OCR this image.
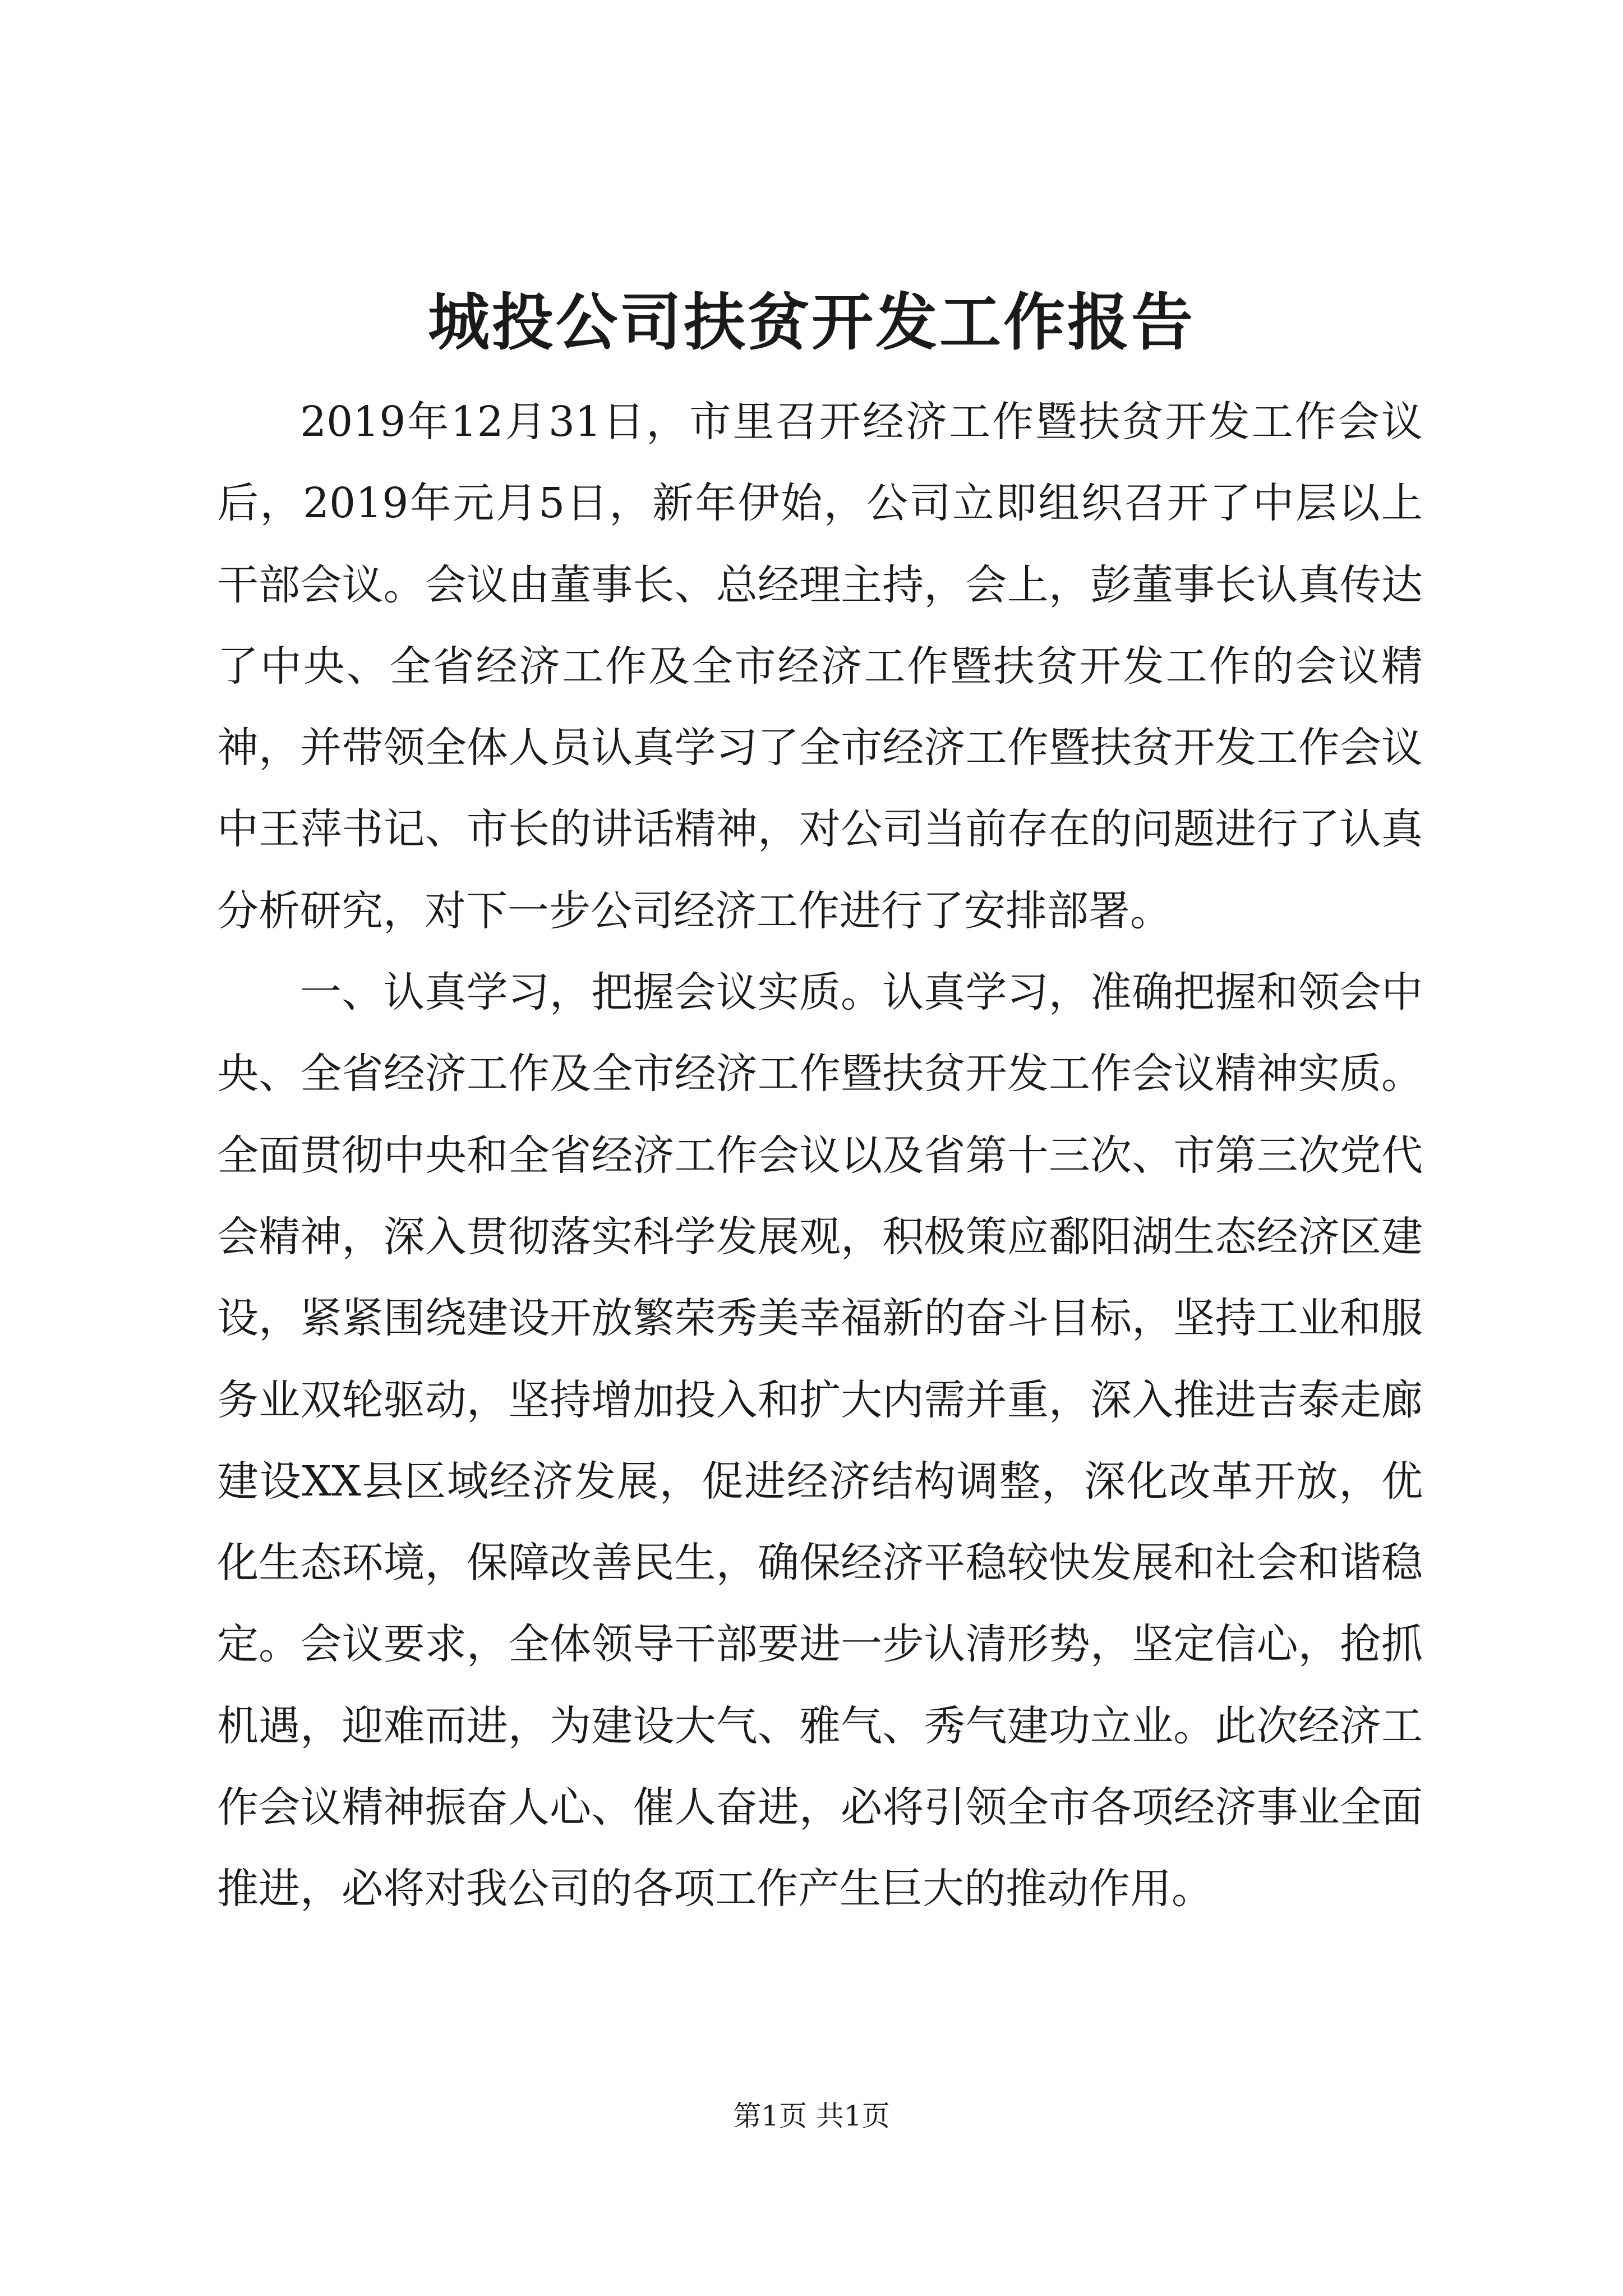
城投公司扶贫开发工作报告

2019年12月31日，市里召开经济工作暨扶贫开发工作会议后，2019年元月5日，新年伊始，公司立即组织召开了中层以上干部会议。会议由董事长、总经理主持，会上，彭董事长认真传达了中央、全省经济工作及全市经济工作暨扶贫开发工作的会议精神，并带领全体人员认真学习了全市经济工作暨扶贫开发工作会议中王萍书记、市长的讲话精神，对公司当前存在的问题进行了认真分析研究，对下一步公司经济工作进行了安排部署。

一、认真学习，把握会议实质。认真学习，准确把握和领会中央、全省经济工作及全市经济工作暨扶贫开发工作会议精神实质。全面贯彻中央和全省经济工作会议以及省第十三次、市第三次党代会精神，深入贯彻落实科学发展观，积极策应鄱阳湖生态经济区建设，紧紧围绕建设开放繁荣秀美幸福新的奋斗目标，坚持工业和服务业双轮驱动，坚持增加投入和扩大内需并重，深入推进吉泰走廊建设XX县区域经济发展，促进经济结构调整，深化改革开放，优化生态环境，保障改善民生，确保经济平稳较快发展和社会和谐稳定。会议要求，全体领导干部要进一步认清形势，坚定信心，抢抓机遇，迎难而进，为建设大气、雅气、秀气建功立业。此次经济工作会议精神振奋人心、催人奋进，必将引领全市各项经济事业全面推进，必将对我公司的各项工作产生巨大的推动作用。

第1页 共1页
